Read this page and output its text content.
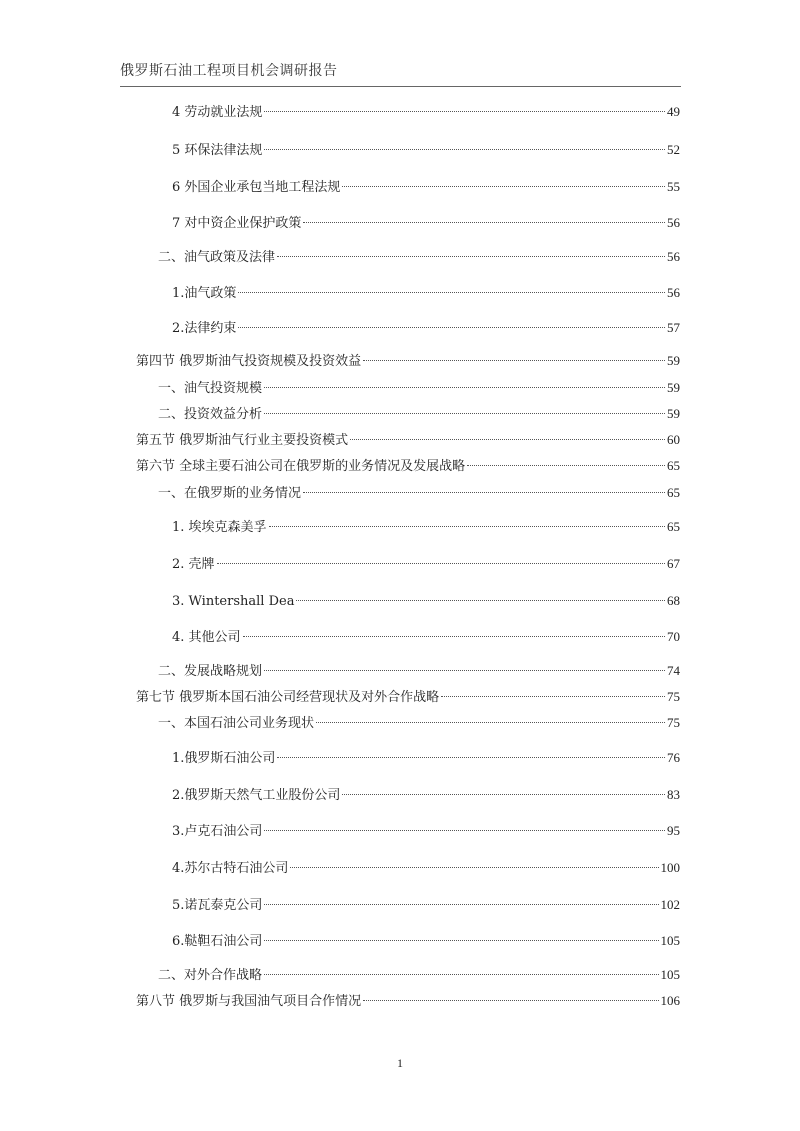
俄罗斯石油工程项目机会调研报告
4 劳动就业法规	49
5 环保法律法规	52
6 外国企业承包当地工程法规	55
7 对中资企业保护政策	56
二、油气政策及法律	56
1.油气政策	56
2.法律约束	57
第四节 俄罗斯油气投资规模及投资效益	59
一、油气投资规模	59
二、投资效益分析	59
第五节 俄罗斯油气行业主要投资模式	60
第六节 全球主要石油公司在俄罗斯的业务情况及发展战略	65
一、在俄罗斯的业务情况	65
1. 埃埃克森美孚	65
2. 壳牌	67
3. Wintershall Dea	68
4. 其他公司	70
二、发展战略规划	74
第七节 俄罗斯本国石油公司经营现状及对外合作战略	75
一、本国石油公司业务现状	75
1.俄罗斯石油公司	76
2.俄罗斯天然气工业股份公司	83
3.卢克石油公司	95
4.苏尔古特石油公司	100
5.诺瓦泰克公司	102
6.鞑靼石油公司	105
二、对外合作战略	105
第八节 俄罗斯与我国油气项目合作情况	106
1
